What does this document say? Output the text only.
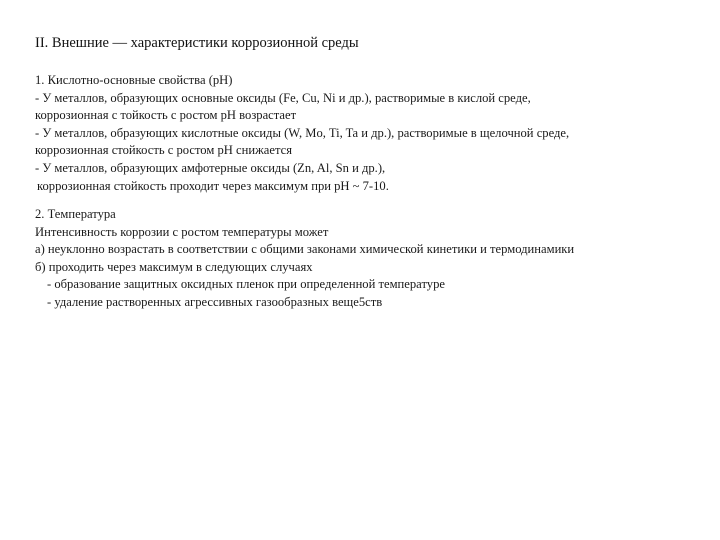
II. Внешние — характеристики коррозионной среды
1. Кислотно-основные свойства (pH)
- У металлов, образующих основные оксиды (Fe, Cu, Ni и др.), растворимые в кислой среде,
коррозионная с тойкость с ростом pH возрастает
- У металлов, образующих кислотные оксиды (W, Mo, Ti, Ta и др.), растворимые в щелочной среде,
коррозионная стойкость с ростом pH снижается
- У металлов, образующих амфотерные оксиды (Zn, Al, Sn и др.),
коррозионная стойкость проходит через максимум при pH ~ 7-10.
2. Температура
Интенсивность коррозии с ростом температуры может
а) неуклонно возрастать в соответствии с общими законами химической кинетики и термодинамики
б) проходить через максимум в следующих случаях
- образование защитных оксидных пленок при определенной температуре
- удаление растворенных агрессивных газообразных веще5ств
